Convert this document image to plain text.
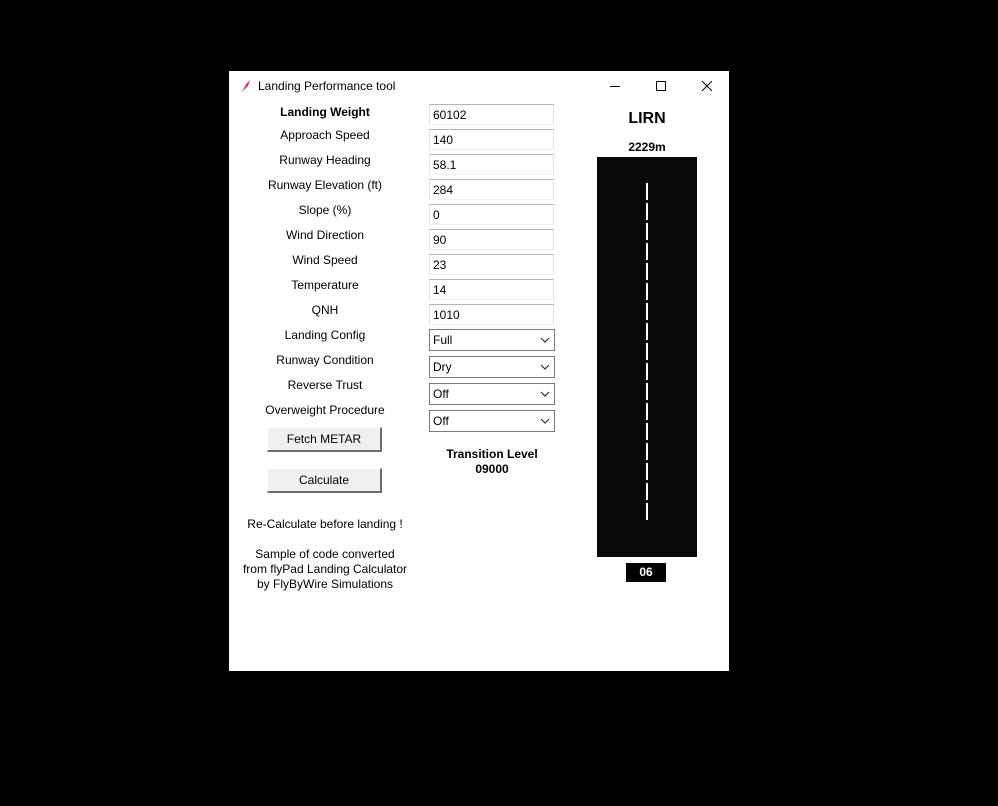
Landing Performance tool
Landing Weight
Approach Speed
Runway Heading
Runway Elevation (ft)
Slope (%)
Wind Direction
Wind Speed
Temperature
QNH
Landing Config
Runway Condition
Reverse Trust
Overweight Procedure
60102
140
58.1
284
0
90
23
14
1010
Full
Dry
Off
Off
Fetch METAR
Calculate
Transition Level
09000
Re-Calculate before landing !
Sample of code converted
from flyPad Landing Calculator
by FlyByWire Simulations
LIRN
2229m
06
